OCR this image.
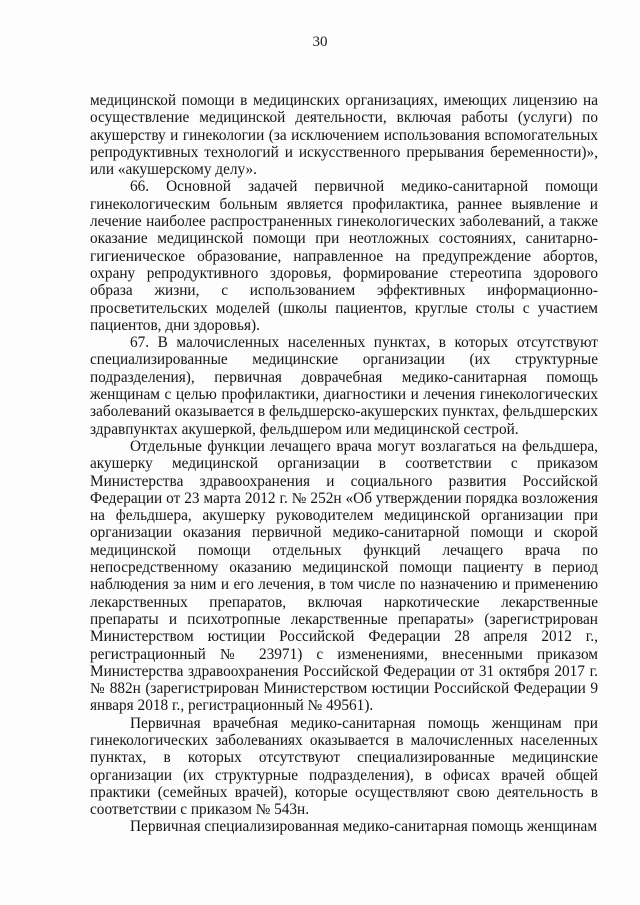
30

медицинской помощи в медицинских организациях, имеющих лицензию на осуществление медицинской деятельности, включая работы (услуги) по акушерству и гинекологии (за исключением использования вспомогательных репродуктивных технологий и искусственного прерывания беременности)», или «акушерскому делу».

66. Основной задачей первичной медико-санитарной помощи гинекологическим больным является профилактика, раннее выявление и лечение наиболее распространенных гинекологических заболеваний, а также оказание медицинской помощи при неотложных состояниях, санитарно-гигиеническое образование, направленное на предупреждение абортов, охрану репродуктивного здоровья, формирование стереотипа здорового образа жизни, с использованием эффективных информационно-просветительских моделей (школы пациентов, круглые столы с участием пациентов, дни здоровья).

67. В малочисленных населенных пунктах, в которых отсутствуют специализированные медицинские организации (их структурные подразделения), первичная доврачебная медико-санитарная помощь женщинам с целью профилактики, диагностики и лечения гинекологических заболеваний оказывается в фельдшерско-акушерских пунктах, фельдшерских здравпунктах акушеркой, фельдшером или медицинской сестрой.

Отдельные функции лечащего врача могут возлагаться на фельдшера, акушерку медицинской организации в соответствии с приказом Министерства здравоохранения и социального развития Российской Федерации от 23 марта 2012 г. № 252н «Об утверждении порядка возложения на фельдшера, акушерку руководителем медицинской организации при организации оказания первичной медико-санитарной помощи и скорой медицинской помощи отдельных функций лечащего врача по непосредственному оказанию медицинской помощи пациенту в период наблюдения за ним и его лечения, в том числе по назначению и применению лекарственных препаратов, включая наркотические лекарственные препараты и психотропные лекарственные препараты» (зарегистрирован Министерством юстиции Российской Федерации 28 апреля 2012 г., регистрационный № 23971) с изменениями, внесенными приказом Министерства здравоохранения Российской Федерации от 31 октября 2017 г. № 882н (зарегистрирован Министерством юстиции Российской Федерации 9 января 2018 г., регистрационный № 49561).

Первичная врачебная медико-санитарная помощь женщинам при гинекологических заболеваниях оказывается в малочисленных населенных пунктах, в которых отсутствуют специализированные медицинские организации (их структурные подразделения), в офисах врачей общей практики (семейных врачей), которые осуществляют свою деятельность в соответствии с приказом № 543н.

Первичная специализированная медико-санитарная помощь женщинам
